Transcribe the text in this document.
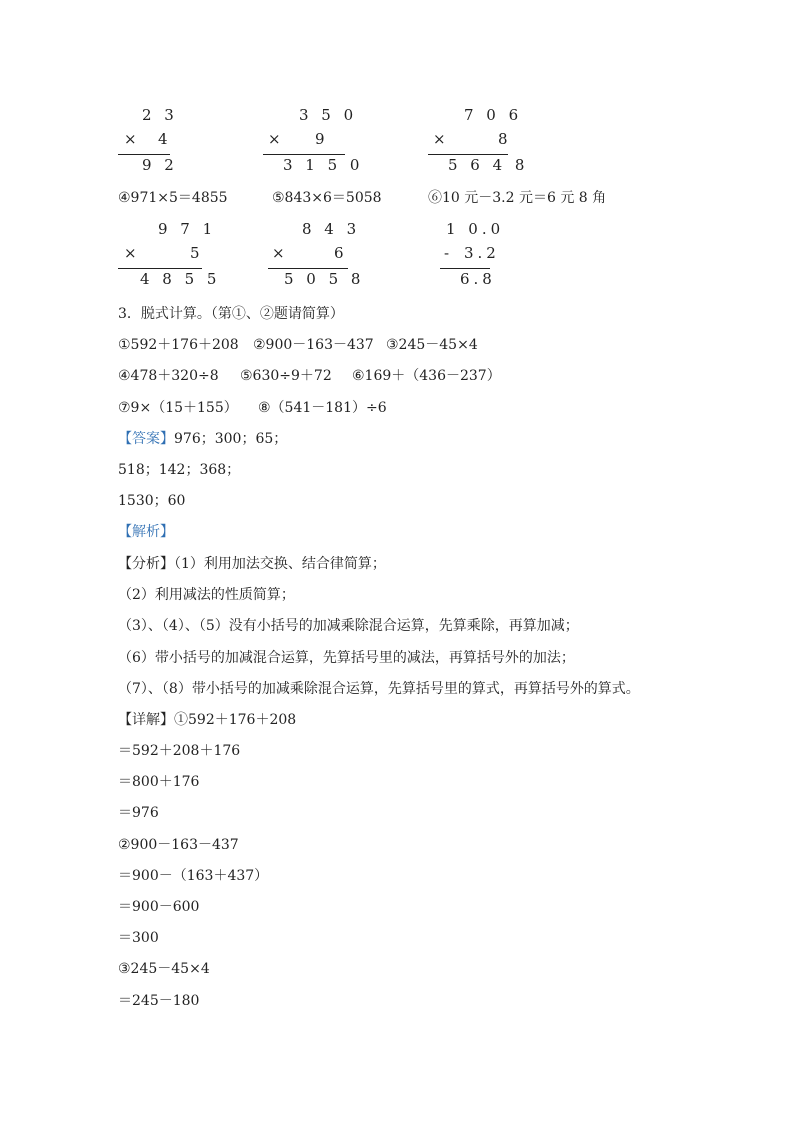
2 3
× 4
9 2
3 5 0
× 9
3 1 5 0
7 0 6
×	8
5 6 4 8
④971×5＝4855	⑤843×6＝5058	⑥10 元－3.2 元＝6 元 8 角
9 7 1
×	5
4 8 5 5
8 4 3
×	6
5 0 5 8
1 0.0
- 3.2
6.8
3．脱式计算。（第①、②题请简算）
①592＋176＋208 ②900－163－437 ③245－45×4
④478＋320÷8 ⑤630÷9＋72 ⑥169＋（436－237）
⑦9×（15＋155） ⑧（541－181）÷6
【答案】976；300；65；
518；142；368；
1530；60
【解析】
【分析】（1）利用加法交换、结合律简算；
（2）利用减法的性质简算；
（3）、（4）、（5）没有小括号的加减乘除混合运算，先算乘除，再算加减；
（6）带小括号的加减混合运算，先算括号里的减法，再算括号外的加法；
（7）、（8）带小括号的加减乘除混合运算，先算括号里的算式，再算括号外的算式。
【详解】①592＋176＋208
＝592＋208＋176
＝800＋176
＝976
②900－163－437
＝900－（163＋437）
＝900－600
＝300
③245－45×4
＝245－180
